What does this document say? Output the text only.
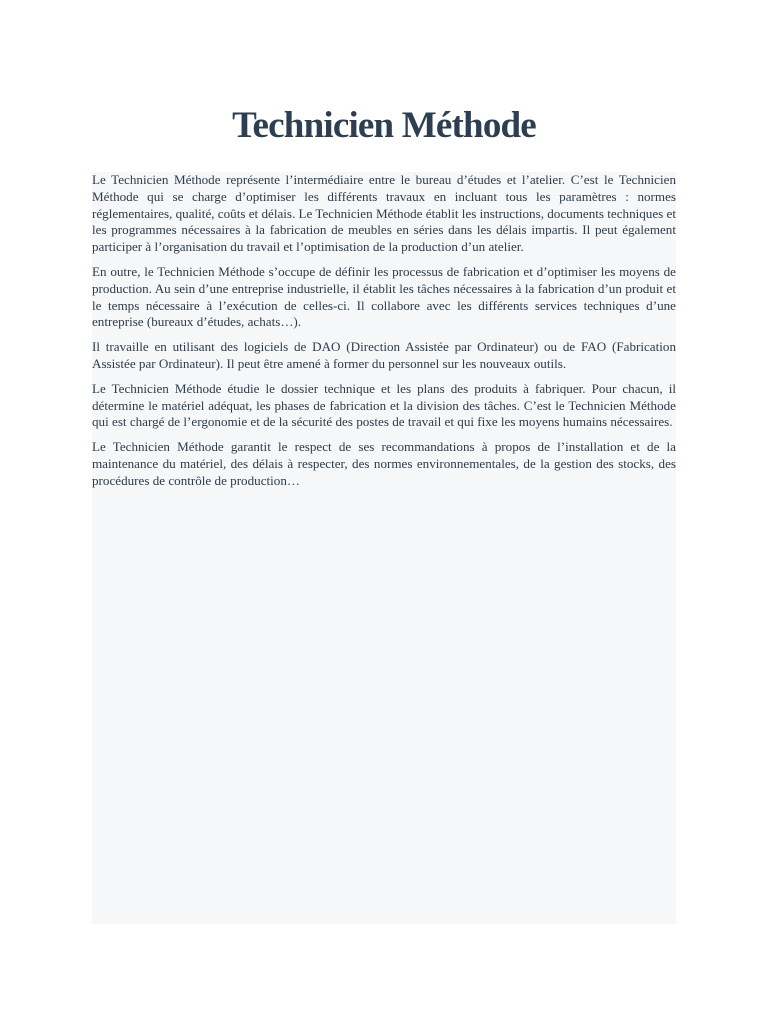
Technicien Méthode

Le Technicien Méthode représente l’intermédiaire entre le bureau d’études et l’atelier. C’est le Technicien Méthode qui se charge d’optimiser les différents travaux en incluant tous les paramètres : normes réglementaires, qualité, coûts et délais. Le Technicien Méthode établit les instructions, documents techniques et les programmes nécessaires à la fabrication de meubles en séries dans les délais impartis. Il peut également participer à l’organisation du travail et l’optimisation de la production d’un atelier.

En outre, le Technicien Méthode s’occupe de définir les processus de fabrication et d’optimiser les moyens de production. Au sein d’une entreprise industrielle, il établit les tâches nécessaires à la fabrication d’un produit et le temps nécessaire à l’exécution de celles-ci. Il collabore avec les différents services techniques d’une entreprise (bureaux d’études, achats…).

Il travaille en utilisant des logiciels de DAO (Direction Assistée par Ordinateur) ou de FAO (Fabrication Assistée par Ordinateur). Il peut être amené à former du personnel sur les nouveaux outils.

Le Technicien Méthode étudie le dossier technique et les plans des produits à fabriquer. Pour chacun, il détermine le matériel adéquat, les phases de fabrication et la division des tâches. C’est le Technicien Méthode qui est chargé de l’ergonomie et de la sécurité des postes de travail et qui fixe les moyens humains nécessaires.

Le Technicien Méthode garantit le respect de ses recommandations à propos de l’installation et de la maintenance du matériel, des délais à respecter, des normes environnementales, de la gestion des stocks, des procédures de contrôle de production…
